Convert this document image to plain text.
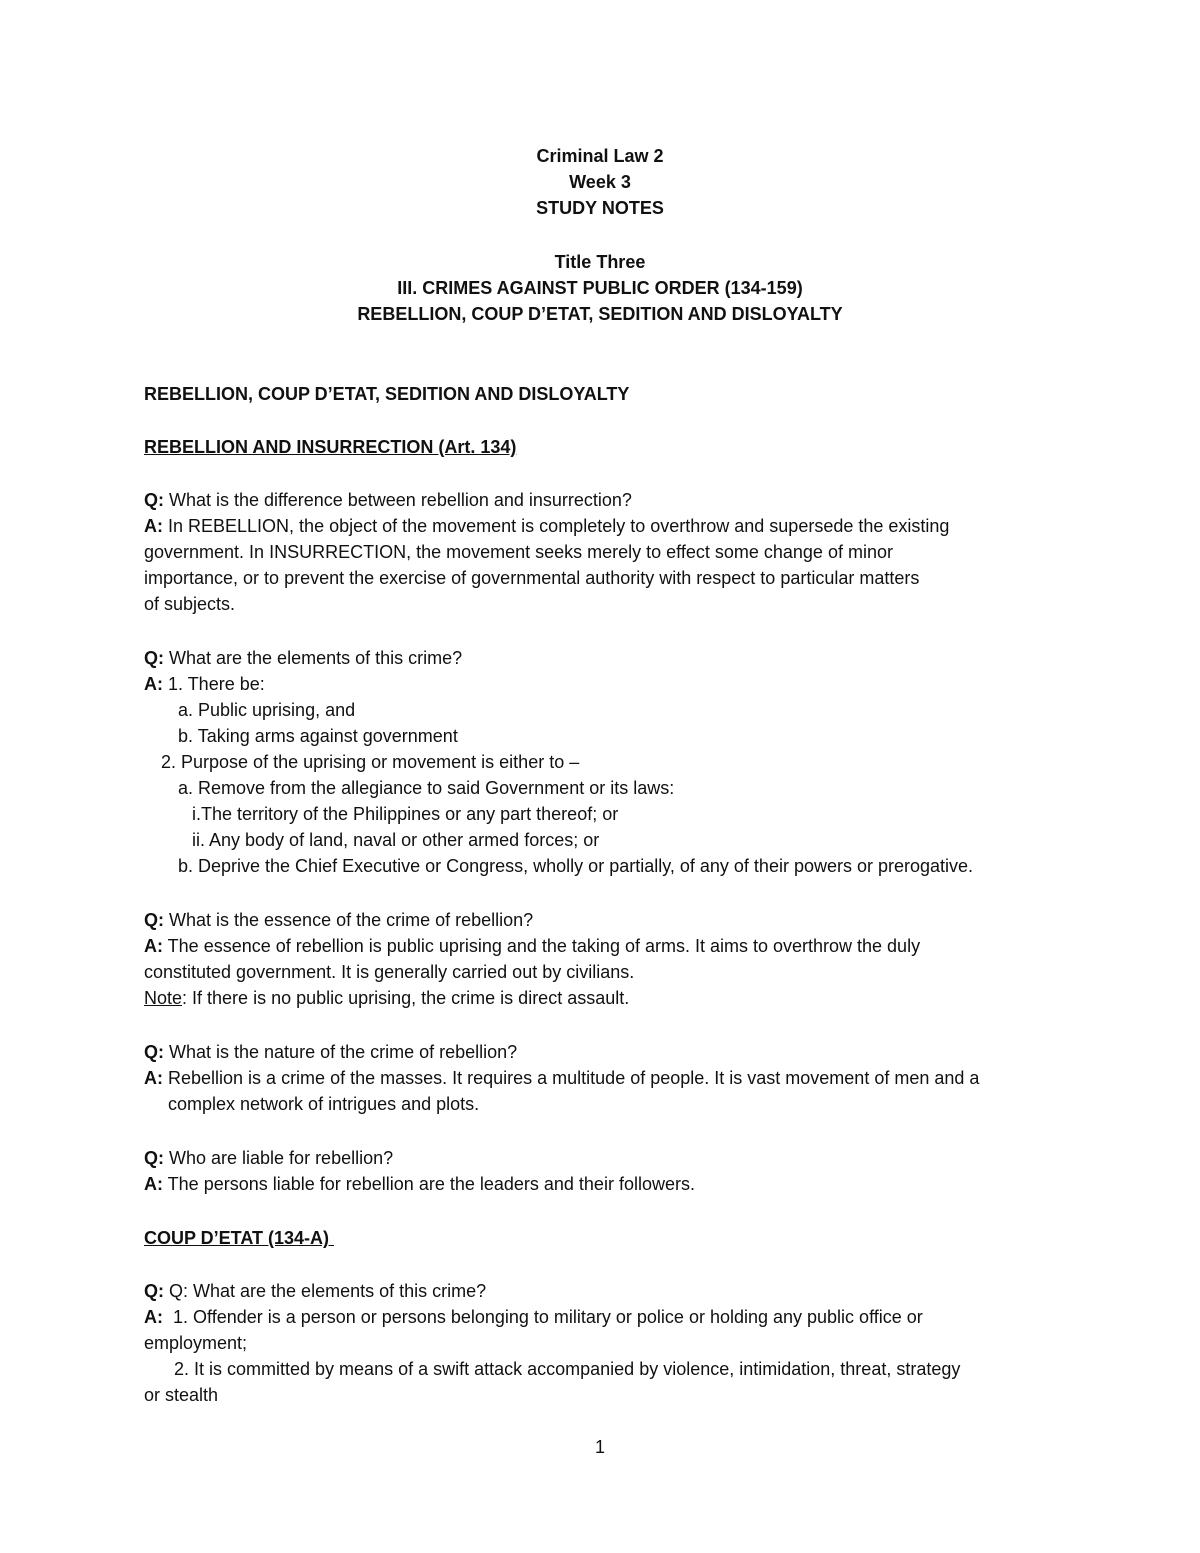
Criminal Law 2
Week 3
STUDY NOTES
Title Three
III. CRIMES AGAINST PUBLIC ORDER (134-159)
REBELLION, COUP D’ETAT, SEDITION AND DISLOYALTY
REBELLION, COUP D’ETAT, SEDITION AND DISLOYALTY
REBELLION AND INSURRECTION (Art. 134)
Q: What is the difference between rebellion and insurrection?
A: In REBELLION, the object of the movement is completely to overthrow and supersede the existing
government. In INSURRECTION, the movement seeks merely to effect some change of minor
importance, or to prevent the exercise of governmental authority with respect to particular matters
of subjects.
Q: What are the elements of this crime?
A: 1. There be:
a. Public uprising, and
b. Taking arms against government
2. Purpose of the uprising or movement is either to –
a. Remove from the allegiance to said Government or its laws:
i.The territory of the Philippines or any part thereof; or
ii. Any body of land, naval or other armed forces; or
b. Deprive the Chief Executive or Congress, wholly or partially, of any of their powers or prerogative.
Q: What is the essence of the crime of rebellion?
A: The essence of rebellion is public uprising and the taking of arms. It aims to overthrow the duly
constituted government. It is generally carried out by civilians.
Note: If there is no public uprising, the crime is direct assault.
Q: What is the nature of the crime of rebellion?
A: Rebellion is a crime of the masses. It requires a multitude of people. It is vast movement of men and a
complex network of intrigues and plots.
Q: Who are liable for rebellion?
A: The persons liable for rebellion are the leaders and their followers.
COUP D’ETAT (134-A)
Q: Q: What are the elements of this crime?
A:  1. Offender is a person or persons belonging to military or police or holding any public office or
employment;
2. It is committed by means of a swift attack accompanied by violence, intimidation, threat, strategy
or stealth
1
